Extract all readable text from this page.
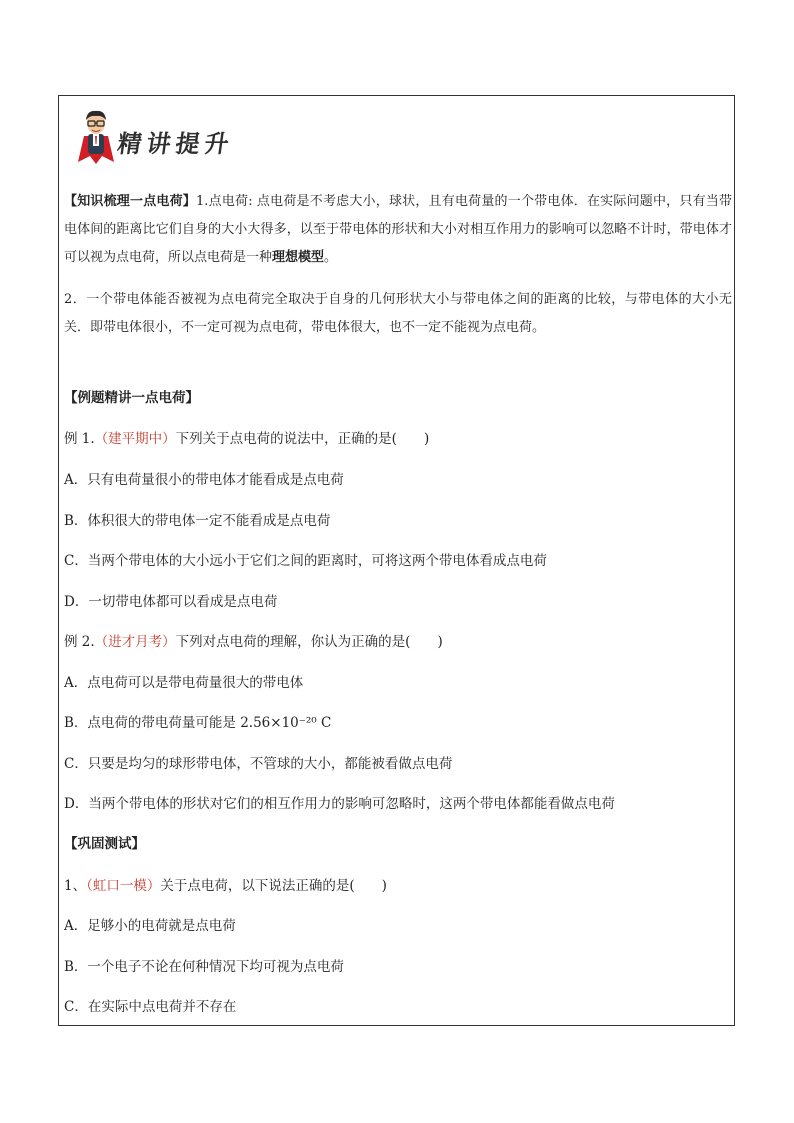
精讲提升

【知识梳理一点电荷】1.点电荷: 点电荷是不考虑大小，球状，且有电荷量的一个带电体．在实际问题中，只有当带电体间的距离比它们自身的大小大得多，以至于带电体的形状和大小对相互作用力的影响可以忽略不计时，带电体才可以视为点电荷，所以点电荷是一种理想模型。

2．一个带电体能否被视为点电荷完全取决于自身的几何形状大小与带电体之间的距离的比较，与带电体的大小无关．即带电体很小，不一定可视为点电荷，带电体很大，也不一定不能视为点电荷。

【例题精讲一点电荷】
例 1.（建平期中）下列关于点电荷的说法中，正确的是(　　)
A．只有电荷量很小的带电体才能看成是点电荷
B．体积很大的带电体一定不能看成是点电荷
C．当两个带电体的大小远小于它们之间的距离时，可将这两个带电体看成点电荷
D．一切带电体都可以看成是点电荷
例 2.（进才月考）下列对点电荷的理解，你认为正确的是(　　)
A．点电荷可以是带电荷量很大的带电体
B．点电荷的带电荷量可能是 2.56×10⁻²⁰ C
C．只要是均匀的球形带电体，不管球的大小，都能被看做点电荷
D．当两个带电体的形状对它们的相互作用力的影响可忽略时，这两个带电体都能看做点电荷
【巩固测试】
1、（虹口一模）关于点电荷，以下说法正确的是(　　)
A．足够小的电荷就是点电荷
B．一个电子不论在何种情况下均可视为点电荷
C．在实际中点电荷并不存在
